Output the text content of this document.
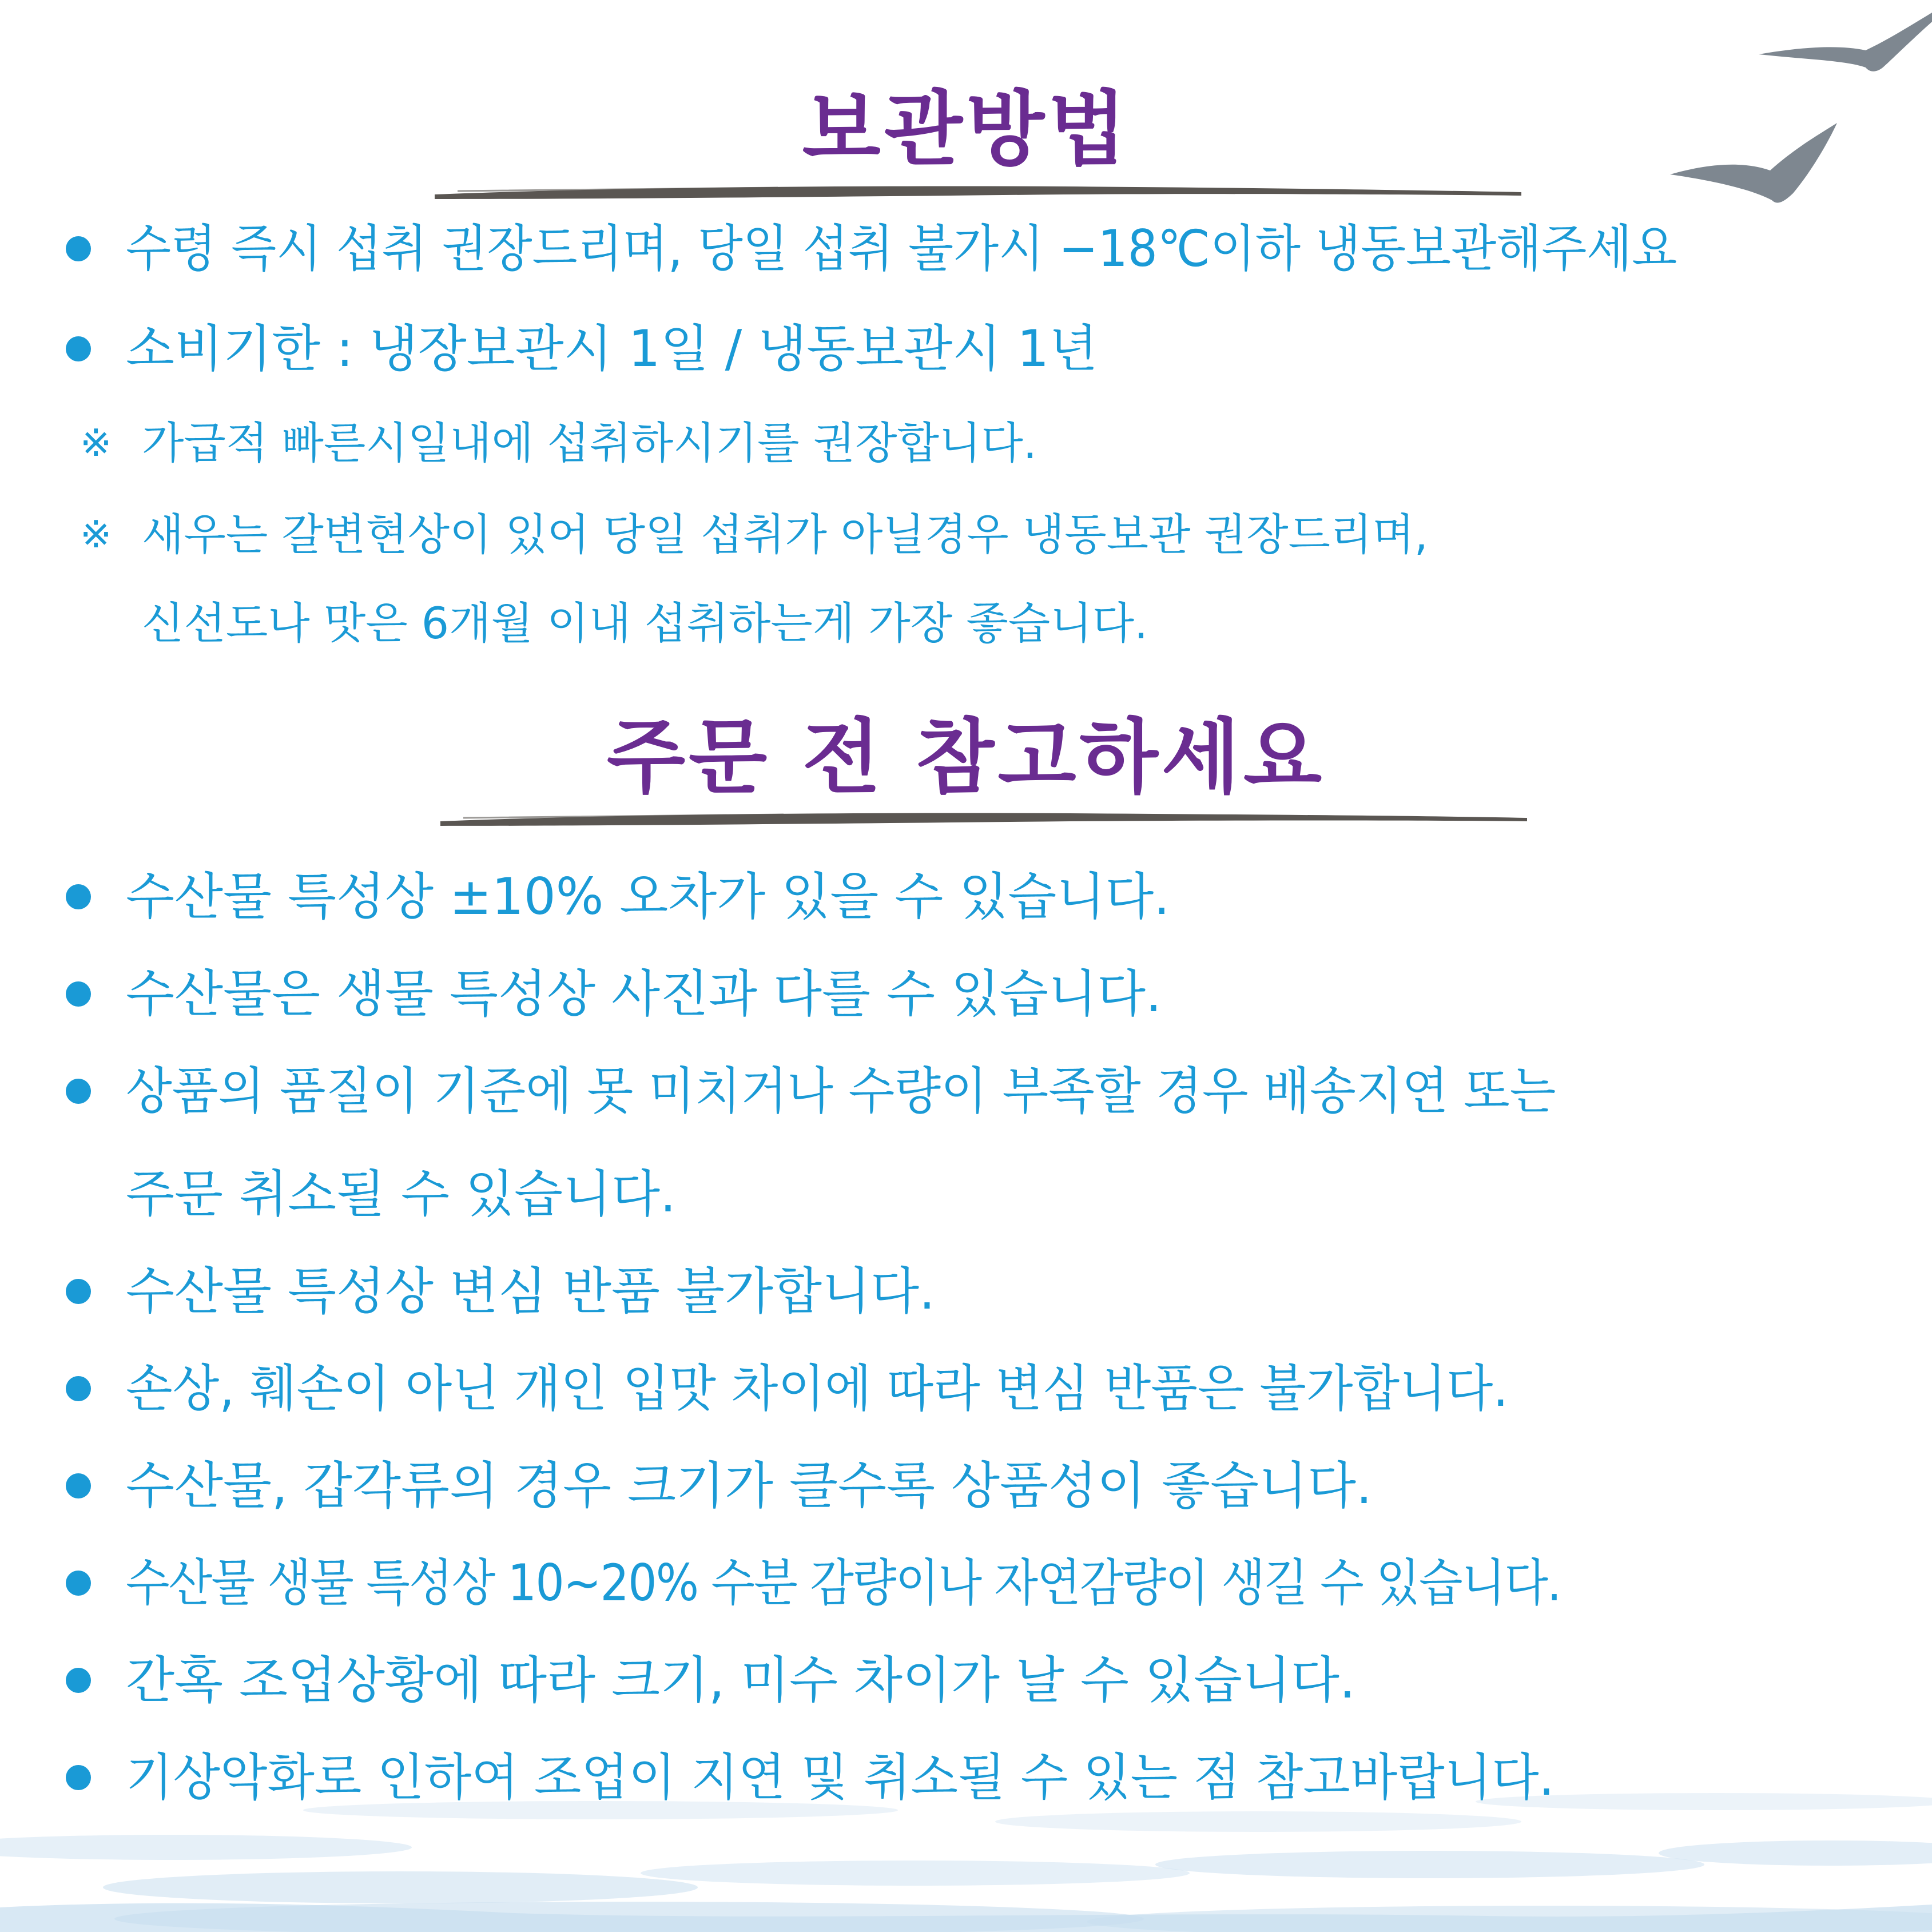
보관방법
수령 즉시 섭취 권장드리며, 당일 섭취 불가시 −18℃이하 냉동보관해주세요
소비기한 : 냉장보관시 1일 / 냉동보관시 1년
※ 가급적 빠른시일내에 섭취하시기를 권장합니다.
※ 새우는 갈변현상이 있어 당일 섭취가 아닐경우 냉동보관 권장드리며,
신선도나 맛은 6개월 이내 섭취하는게 가장 좋습니다.
주문 전 참고하세요
수산물 특성상 ±10% 오차가 있을 수 있습니다.
수산물은 생물 특성상 사진과 다를 수 있습니다.
상품의 품질이 기준에 못 미치거나 수량이 부족할 경우 배송지연 또는
주문 취소될 수 있습니다.
수산물 특성상 변심 반품 불가합니다.
손상, 훼손이 아닌 개인 입맛 차이에 따라 변심 반품은 불가합니다.
수산물, 갑각류의 경우 크기가 클수록 상품성이 좋습니다.
수산물 생물 특성상 10~20% 수분 감량이나 자연감량이 생길 수 있습니다.
간혹 조업상황에 따라 크기, 미수 차이가 날 수 있습니다.
기상악화로 인하여 조업이 지연 및 취소될 수 있는 점 참고바랍니다.
